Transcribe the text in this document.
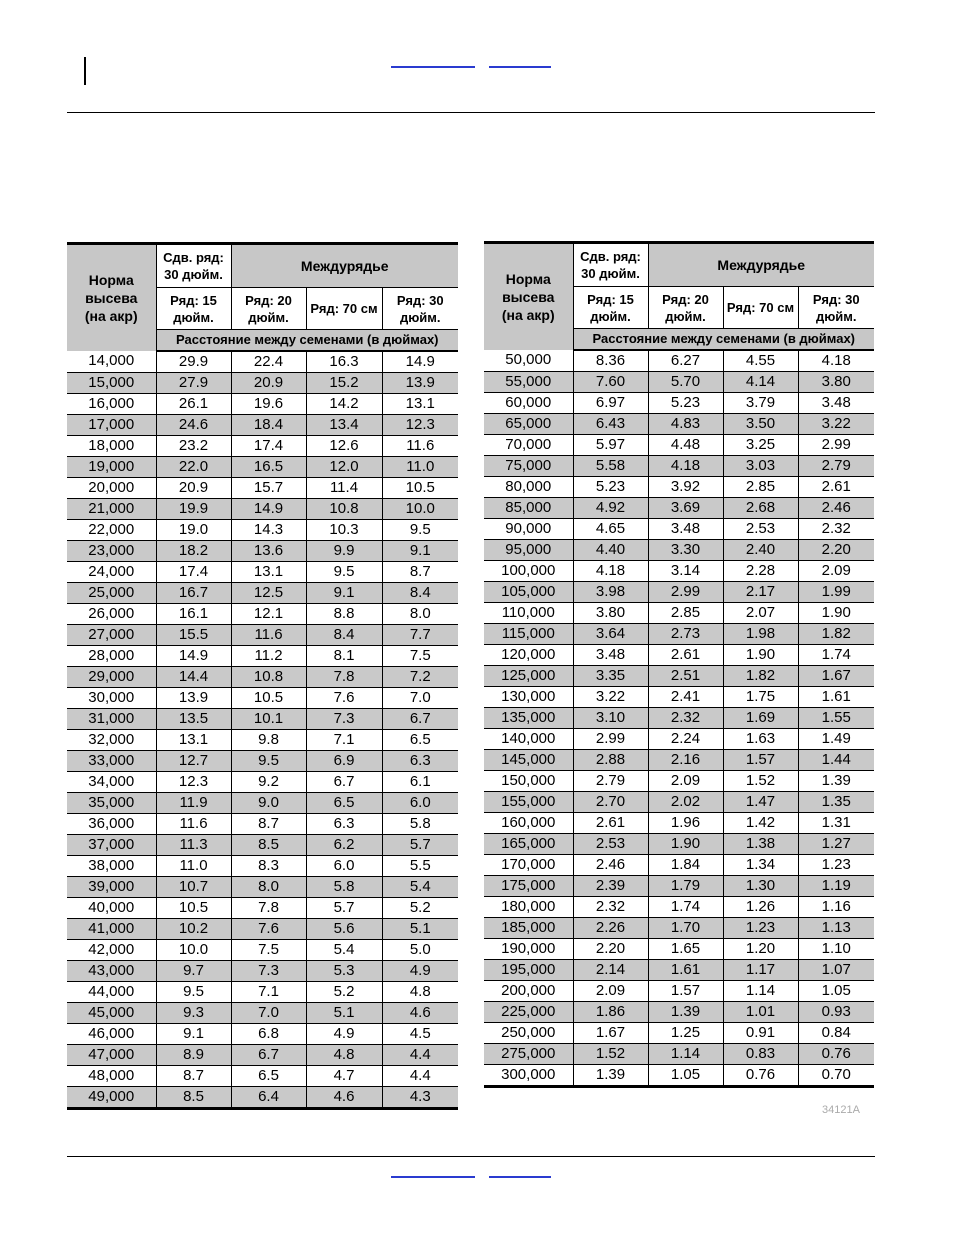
Норма высева (на акр)	Сдв. ряд: 30 дюйм.	Междурядье		

	Ряд: 15 дюйм.	Ряд: 20 дюйм.	Ряд: 70 см	Ряд: 30 дюйм.

	Расстояние между семенами (в дюймах)			
14,000	29.9	22.4	16.3	14.9
15,000	27.9	20.9	15.2	13.9
16,000	26.1	19.6	14.2	13.1
17,000	24.6	18.4	13.4	12.3
18,000	23.2	17.4	12.6	11.6
19,000	22.0	16.5	12.0	11.0
20,000	20.9	15.7	11.4	10.5
21,000	19.9	14.9	10.8	10.0
22,000	19.0	14.3	10.3	9.5
23,000	18.2	13.6	9.9	9.1
24,000	17.4	13.1	9.5	8.7
25,000	16.7	12.5	9.1	8.4
26,000	16.1	12.1	8.8	8.0
27,000	15.5	11.6	8.4	7.7
28,000	14.9	11.2	8.1	7.5
29,000	14.4	10.8	7.8	7.2
30,000	13.9	10.5	7.6	7.0
31,000	13.5	10.1	7.3	6.7
32,000	13.1	9.8	7.1	6.5
33,000	12.7	9.5	6.9	6.3
34,000	12.3	9.2	6.7	6.1
35,000	11.9	9.0	6.5	6.0
36,000	11.6	8.7	6.3	5.8
37,000	11.3	8.5	6.2	5.7
38,000	11.0	8.3	6.0	5.5
39,000	10.7	8.0	5.8	5.4
40,000	10.5	7.8	5.7	5.2
41,000	10.2	7.6	5.6	5.1
42,000	10.0	7.5	5.4	5.0
43,000	9.7	7.3	5.3	4.9
44,000	9.5	7.1	5.2	4.8
45,000	9.3	7.0	5.1	4.6
46,000	9.1	6.8	4.9	4.5
47,000	8.9	6.7	4.8	4.4
48,000	8.7	6.5	4.7	4.4
49,000	8.5	6.4	4.6	4.3
Норма высева (на акр)	Сдв. ряд: 30 дюйм.	Междурядье		

	Ряд: 15 дюйм.	Ряд: 20 дюйм.	Ряд: 70 см	Ряд: 30 дюйм.

	Расстояние между семенами (в дюймах)			
50,000	8.36	6.27	4.55	4.18
55,000	7.60	5.70	4.14	3.80
60,000	6.97	5.23	3.79	3.48
65,000	6.43	4.83	3.50	3.22
70,000	5.97	4.48	3.25	2.99
75,000	5.58	4.18	3.03	2.79
80,000	5.23	3.92	2.85	2.61
85,000	4.92	3.69	2.68	2.46
90,000	4.65	3.48	2.53	2.32
95,000	4.40	3.30	2.40	2.20
100,000	4.18	3.14	2.28	2.09
105,000	3.98	2.99	2.17	1.99
110,000	3.80	2.85	2.07	1.90
115,000	3.64	2.73	1.98	1.82
120,000	3.48	2.61	1.90	1.74
125,000	3.35	2.51	1.82	1.67
130,000	3.22	2.41	1.75	1.61
135,000	3.10	2.32	1.69	1.55
140,000	2.99	2.24	1.63	1.49
145,000	2.88	2.16	1.57	1.44
150,000	2.79	2.09	1.52	1.39
155,000	2.70	2.02	1.47	1.35
160,000	2.61	1.96	1.42	1.31
165,000	2.53	1.90	1.38	1.27
170,000	2.46	1.84	1.34	1.23
175,000	2.39	1.79	1.30	1.19
180,000	2.32	1.74	1.26	1.16
185,000	2.26	1.70	1.23	1.13
190,000	2.20	1.65	1.20	1.10
195,000	2.14	1.61	1.17	1.07
200,000	2.09	1.57	1.14	1.05
225,000	1.86	1.39	1.01	0.93
250,000	1.67	1.25	0.91	0.84
275,000	1.52	1.14	0.83	0.76
300,000	1.39	1.05	0.76	0.70
34121A
